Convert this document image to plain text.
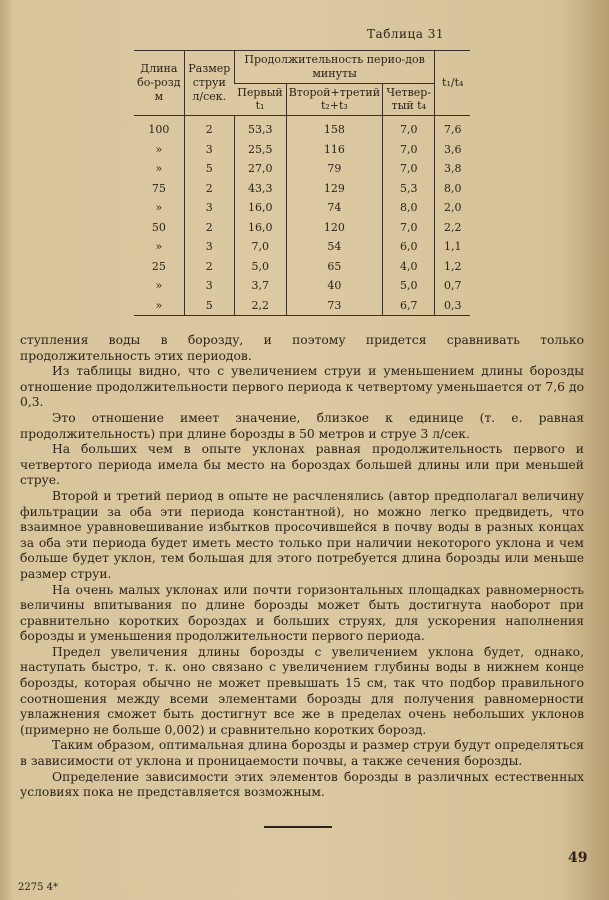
Таблица 31
Длина бо-розд м	Размер струи л/сек.	Продолжительность перио-дов минуты			t₁/t₄
		Первый t₁	Второй+третий t₂+t₃	Четвер-тый t₄	
100	2	53,3	158	7,0	7,6
»	3	25,5	116	7,0	3,6
»	5	27,0	79	7,0	3,8
75	2	43,3	129	5,3	8,0
»	3	16,0	74	8,0	2,0
50	2	16,0	120	7,0	2,2
»	3	7,0	54	6,0	1,1
25	2	5,0	65	4,0	1,2
»	3	3,7	40	5,0	0,7
»	5	2,2	73	6,7	0,3

ступления воды в борозду, и поэтому придется сравнивать только продолжительность этих периодов.

Из таблицы видно, что с увеличением струи и уменьшением длины борозды отношение продолжительности первого периода к четвертому уменьшается от 7,6 до 0,3.

Это отношение имеет значение, близкое к единице (т. е. равная продолжительность) при длине борозды в 50 метров и струе 3 л/сек.

На больших чем в опыте уклонах равная продолжительность первого и четвертого периода имела бы место на бороздах большей длины или при меньшей струе.

Второй и третий период в опыте не расчленялись (автор предполагал величину фильтрации за оба эти периода константной), но можно легко предвидеть, что взаимное уравновешивание избытков просочившейся в почву воды в разных концах за оба эти периода будет иметь место только при наличии некоторого уклона и чем больше будет уклон, тем большая для этого потребуется длина борозды или меньше размер струи.

На очень малых уклонах или почти горизонтальных площадках равномерность величины впитывания по длине борозды может быть достигнута наоборот при сравнительно коротких бороздах и больших струях, для ускорения наполнения борозды и уменьшения продолжительности первого периода.

Предел увеличения длины борозды с увеличением уклона будет, однако, наступать быстро, т. к. оно связано с увеличением глубины воды в нижнем конце борозды, которая обычно не может превышать 15 см, так что подбор правильного соотношения между всеми элементами борозды для получения равномерности увлажнения сможет быть достигнут все же в пределах очень небольших уклонов (примерно не больше 0,002) и сравнительно коротких борозд.

Таким образом, оптимальная длина борозды и размер струи будут определяться в зависимости от уклона и проницаемости почвы, а также сечения борозды.

Определение зависимости этих элементов борозды в различных естественных условиях пока не представляется возможным.

49
2275 4*
